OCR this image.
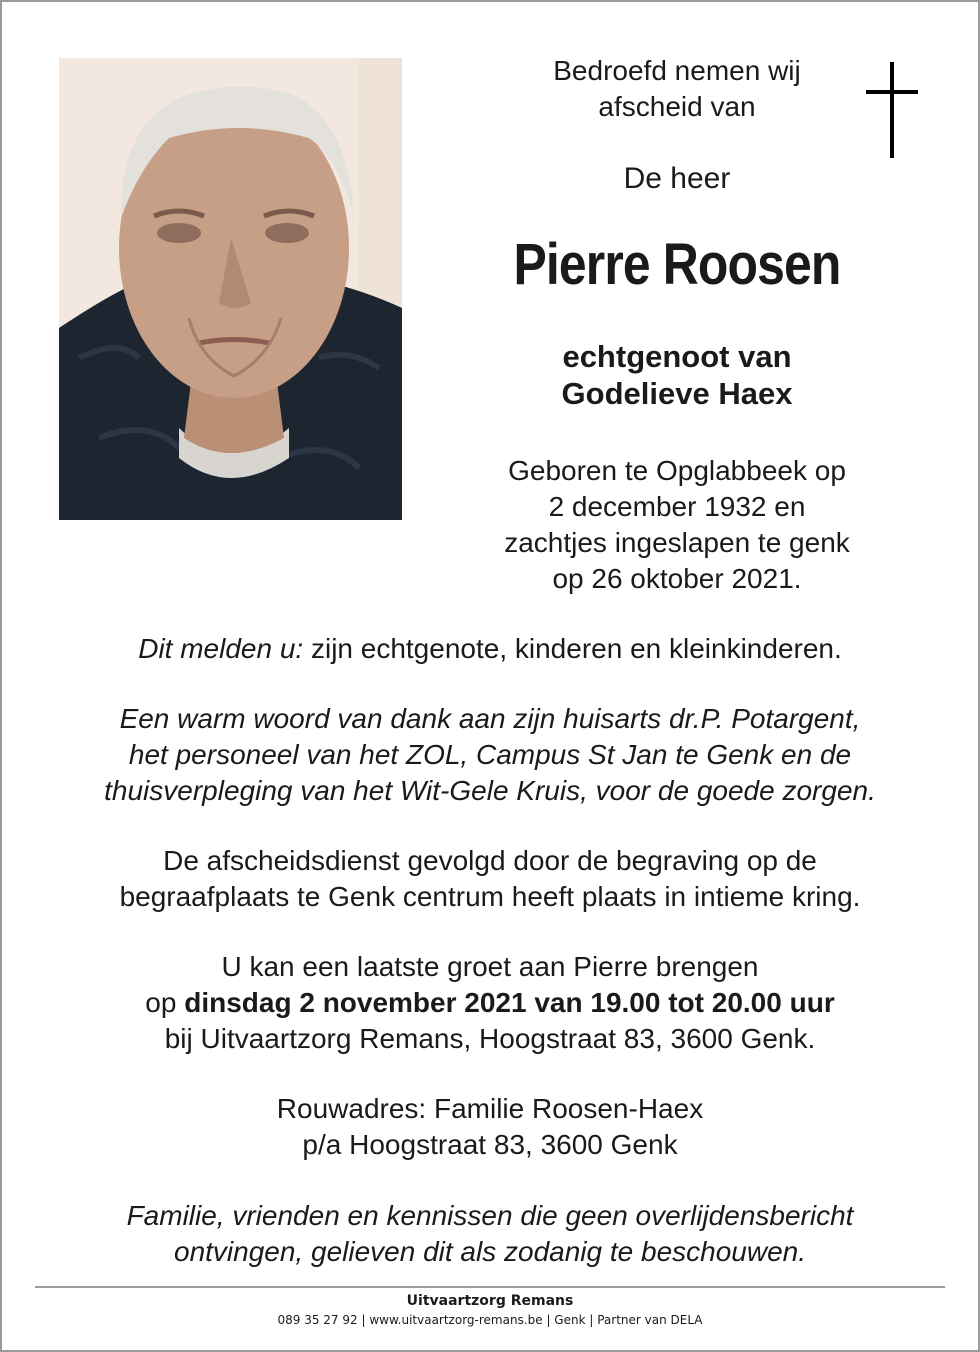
Bedroefd nemen wij
afscheid van
De heer
Pierre Roosen
echtgenoot van
Godelieve Haex
Geboren te Opglabbeek op
2 december 1932 en
zachtjes ingeslapen te genk
op 26 oktober 2021.
Dit melden u: zijn echtgenote, kinderen en kleinkinderen.
Een warm woord van dank aan zijn huisarts dr.P. Potargent,
het personeel van het ZOL, Campus St Jan te Genk en de
thuisverpleging van het Wit-Gele Kruis, voor de goede zorgen.
De afscheidsdienst gevolgd door de begraving op de
begraafplaats te Genk centrum heeft plaats in intieme kring.
U kan een laatste groet aan Pierre brengen
op dinsdag 2 november 2021 van 19.00 tot 20.00 uur
bij Uitvaartzorg Remans, Hoogstraat 83, 3600 Genk.
Rouwadres: Familie Roosen-Haex
p/a Hoogstraat 83, 3600 Genk
Familie, vrienden en kennissen die geen overlijdensbericht
ontvingen, gelieven dit als zodanig te beschouwen.
Uitvaartzorg Remans
089 35 27 92 | www.uitvaartzorg-remans.be | Genk | Partner van DELA
